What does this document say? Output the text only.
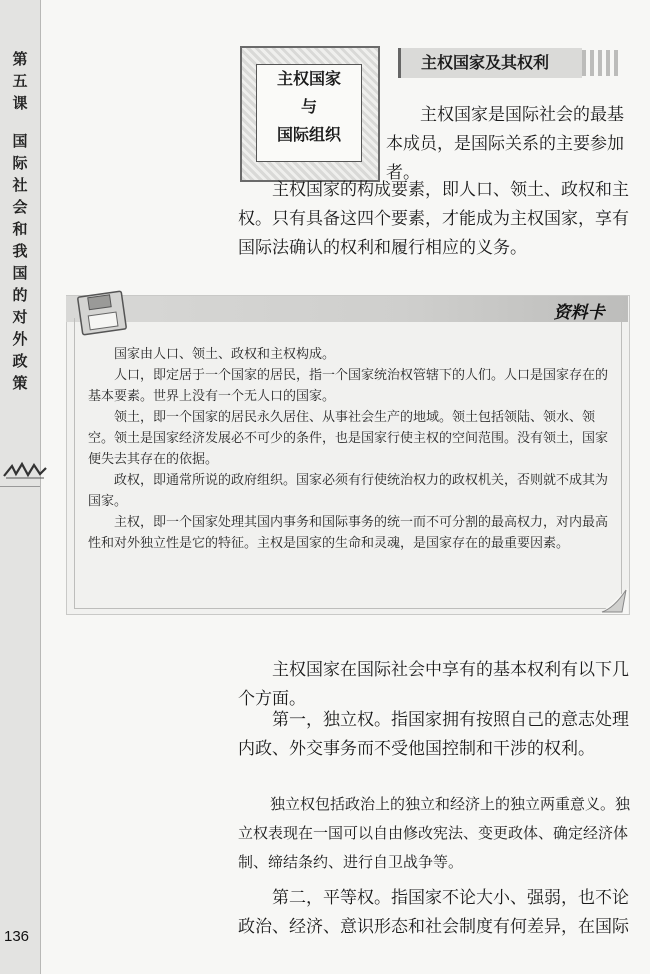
第
五
课
国
际
社
会
和
我
国
的
对
外
政
策
136
主权国家
与
国际组织
主权国家及其权利
主权国家是国际社会的最基本成员，是国际关系的主要参加者。
主权国家的构成要素，即人口、领土、政权和主权。只有具备这四个要素，才能成为主权国家，享有国际法确认的权利和履行相应的义务。
资料卡

国家由人口、领土、政权和主权构成。

人口，即定居于一个国家的居民，指一个国家统治权管辖下的人们。人口是国家存在的基本要素。世界上没有一个无人口的国家。

领土，即一个国家的居民永久居住、从事社会生产的地域。领土包括领陆、领水、领空。领土是国家经济发展必不可少的条件，也是国家行使主权的空间范围。没有领土，国家便失去其存在的依据。

政权，即通常所说的政府组织。国家必须有行使统治权力的政权机关，否则就不成其为国家。

主权，即一个国家处理其国内事务和国际事务的统一而不可分割的最高权力，对内最高性和对外独立性是它的特征。主权是国家的生命和灵魂，是国家存在的最重要因素。

主权国家在国际社会中享有的基本权利有以下几个方面。
第一，独立权。指国家拥有按照自己的意志处理内政、外交事务而不受他国控制和干涉的权利。
独立权包括政治上的独立和经济上的独立两重意义。独立权表现在一国可以自由修改宪法、变更政体、确定经济体制、缔结条约、进行自卫战争等。
第二，平等权。指国家不论大小、强弱，也不论政治、经济、意识形态和社会制度有何差异，在国际
